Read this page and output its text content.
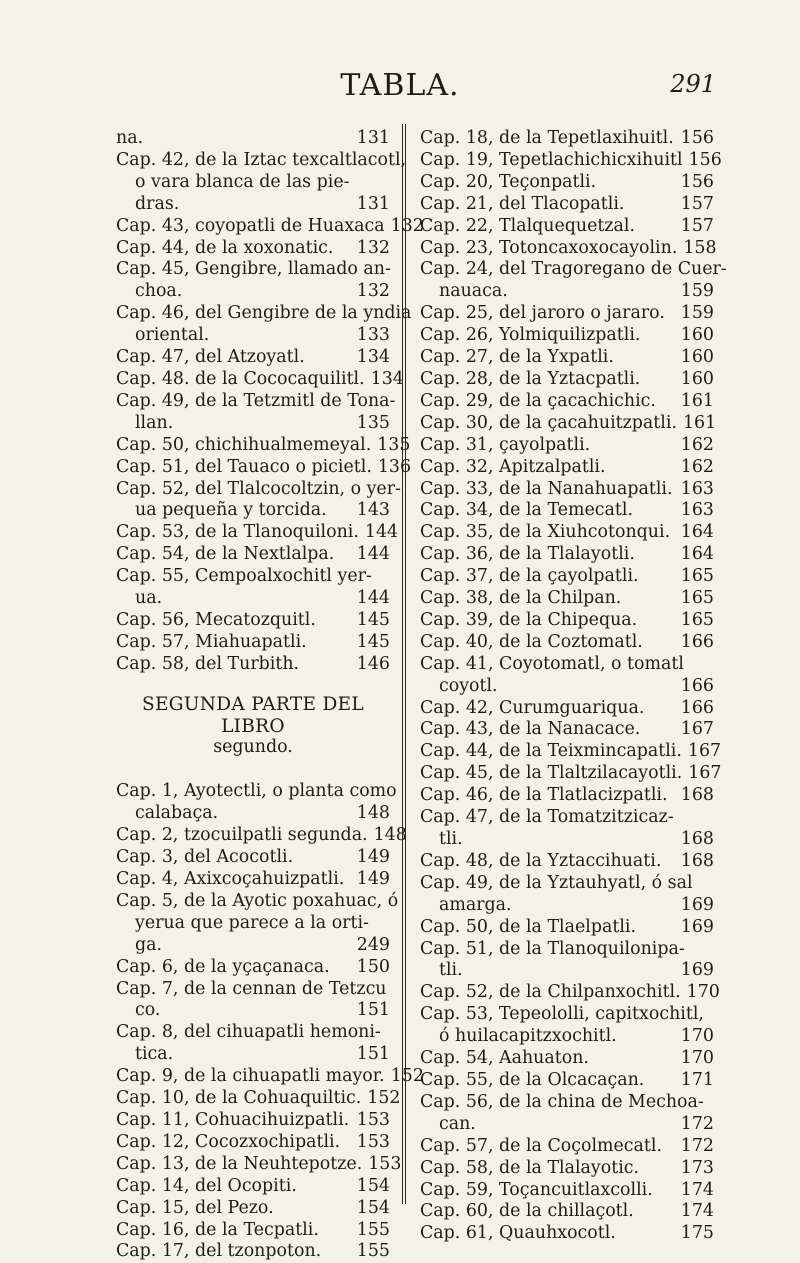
TABLA.	291
na.	131
Cap. 42, de la Iztac texcaltlacotl,
o vara blanca de las pie-
dras.	131
Cap. 43, coyopatli de Huaxaca 132
Cap. 44, de la xoxonatic.	132
Cap. 45, Gengibre, llamado an-
choa.	132
Cap. 46, del Gengibre de la yndia
oriental.	133
Cap. 47, del Atzoyatl.	134
Cap. 48. de la Cococaquilitl. 134
Cap. 49, de la Tetzmitl de Tona-
llan.	135
Cap. 50, chichihualmemeyal. 135
Cap. 51, del Tauaco o picietl. 136
Cap. 52, del Tlalcocoltzin, o yer-
ua pequeña y torcida. 143
Cap. 53, de la Tlanoquiloni. 144
Cap. 54, de la Nextlalpa.	144
Cap. 55, Cempoalxochitl yer-
ua.	144
Cap. 56, Mecatozquitl.	145
Cap. 57, Miahuapatli.	145
Cap. 58, del Turbith.	146
SEGUNDA PARTE DEL LIBRO
segundo.
Cap. 1, Ayotectli, o planta como
calabaça.	148
Cap. 2, tzocuilpatli segunda. 148
Cap. 3, del Acocotli.	149
Cap. 4, Axixcoçahuizpatli. 149
Cap. 5, de la Ayotic poxahuac, ó
yerua que parece a la orti-
ga.	249
Cap. 6, de la yçaçanaca.	150
Cap. 7, de la cennan de Tetzcu
co.	151
Cap. 8, del cihuapatli hemoni-
tica.	151
Cap. 9, de la cihuapatli mayor. 152
Cap. 10, de la Cohuaquiltic. 152
Cap. 11, Cohuacihuizpatli. 153
Cap. 12, Cocozxochipatli. 153
Cap. 13, de la Neuhtepotze. 153
Cap. 14, del Ocopiti.	154
Cap. 15, del Pezo.	154
Cap. 16, de la Tecpatli.	155
Cap. 17, del tzonpoton.	155
Cap. 18, de la Tepetlaxihuitl. 156
Cap. 19, Tepetlachichicxihuitl 156
Cap. 20, Teçonpatli.	156
Cap. 21, del Tlacopatli.	157
Cap. 22, Tlalquequetzal.	157
Cap. 23, Totoncaxoxocayolin. 158
Cap. 24, del Tragoregano de Cuer-
nauaca.	159
Cap. 25, del jaroro o jararo. 159
Cap. 26, Yolmiquilizpatli.	160
Cap. 27, de la Yxpatli.	160
Cap. 28, de la Yztacpatli.	160
Cap. 29, de la çacachichic.	161
Cap. 30, de la çacahuitzpatli. 161
Cap. 31, çayolpatli.	162
Cap. 32, Apitzalpatli.	162
Cap. 33, de la Nanahuapatli. 163
Cap. 34, de la Temecatl.	163
Cap. 35, de la Xiuhcotonqui. 164
Cap. 36, de la Tlalayotli.	164
Cap. 37, de la çayolpatli.	165
Cap. 38, de la Chilpan.	165
Cap. 39, de la Chipequa.	165
Cap. 40, de la Coztomatl.	166
Cap. 41, Coyotomatl, o tomatl
coyotl.	166
Cap. 42, Curumguariqua.	166
Cap. 43, de la Nanacace.	167
Cap. 44, de la Teixmincapatli. 167
Cap. 45, de la Tlaltzilacayotli. 167
Cap. 46, de la Tlatlacizpatli. 168
Cap. 47, de la Tomatzitzicaz-
tli.	168
Cap. 48, de la Yztaccihuati.	168
Cap. 49, de la Yztauhyatl, ó sal
amarga.	169
Cap. 50, de la Tlaelpatli.	169
Cap. 51, de la Tlanoquilonipa-
tli.	169
Cap. 52, de la Chilpanxochitl. 170
Cap. 53, Tepeololli, capitxochitl,
ó huilacapitzxochitl.	170
Cap. 54, Aahuaton.	170
Cap. 55, de la Olcacaçan.	171
Cap. 56, de la china de Mechoa-
can.	172
Cap. 57, de la Coçolmecatl.	172
Cap. 58, de la Tlalayotic.	173
Cap. 59, Toçancuitlaxcolli.	174
Cap. 60, de la chillaçotl.	174
Cap. 61, Quauhxocotl.	175
